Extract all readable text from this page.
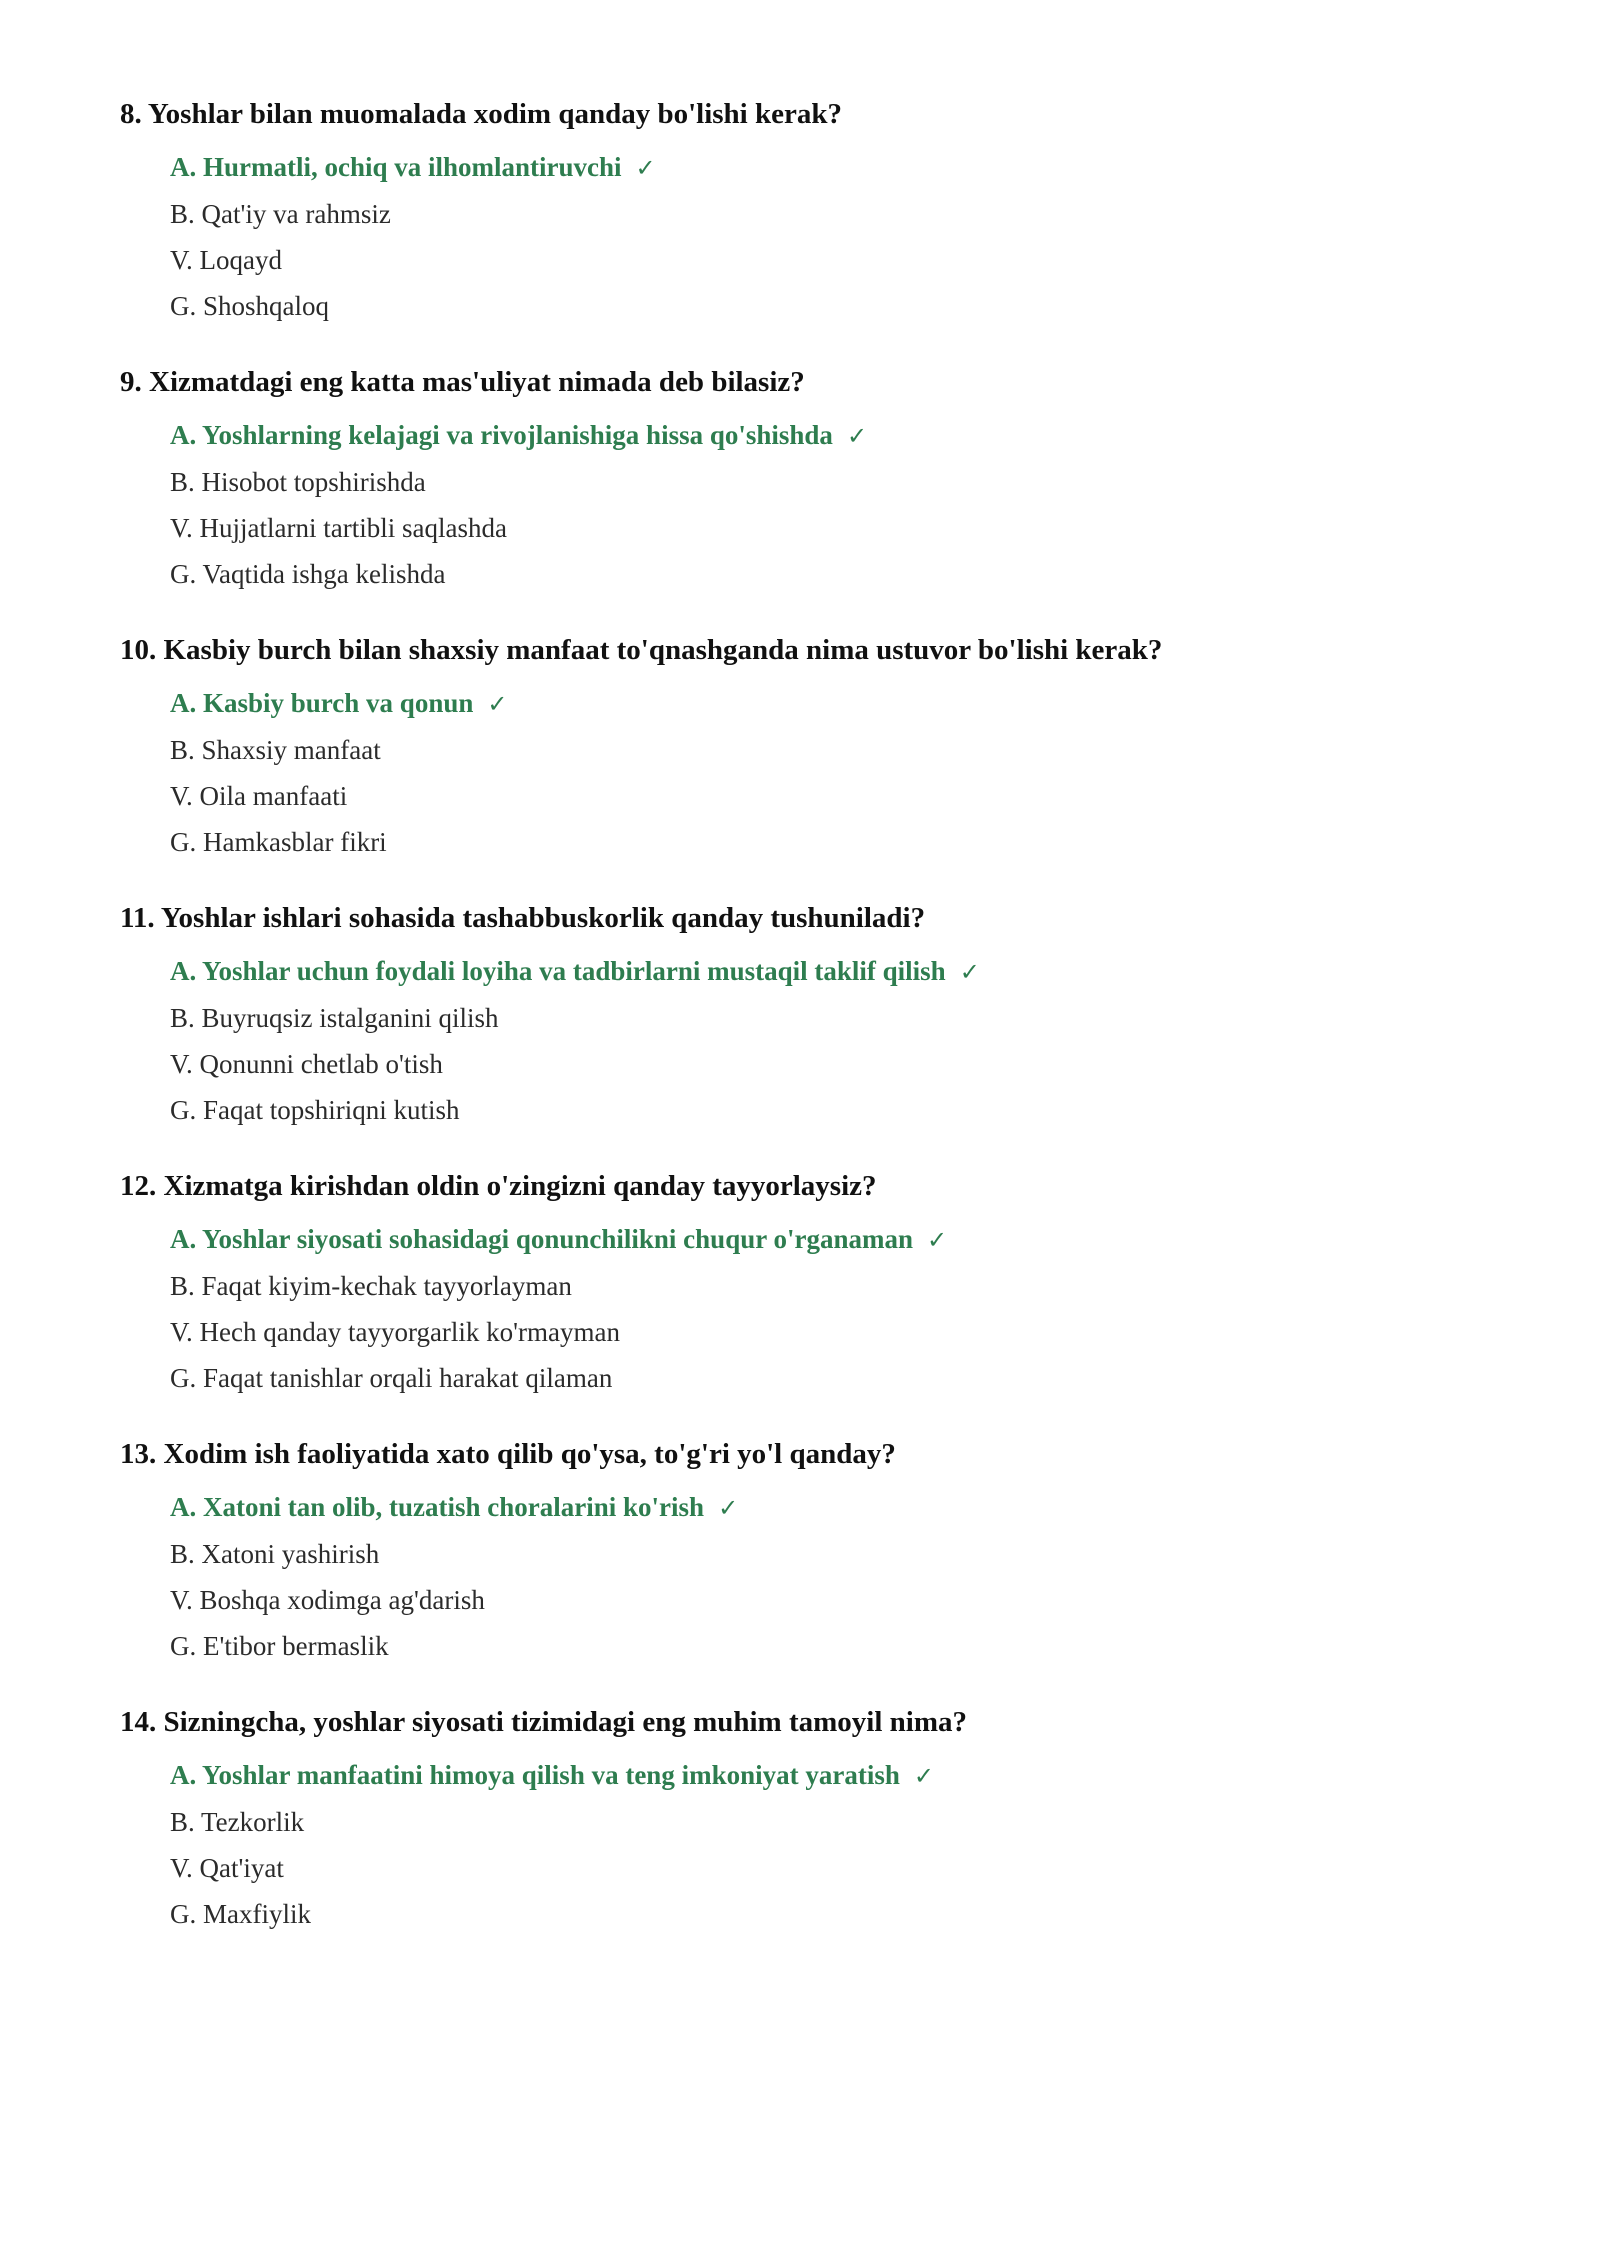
8. Yoshlar bilan muomalada xodim qanday bo'lishi kerak?
A. Hurmatli, ochiq va ilhomlantiruvchi ✓
B. Qat'iy va rahmsiz
V. Loqayd
G. Shoshqaloq
9. Xizmatdagi eng katta mas'uliyat nimada deb bilasiz?
A. Yoshlarning kelajagi va rivojlanishiga hissa qo'shishda ✓
B. Hisobot topshirishda
V. Hujjatlarni tartibli saqlashda
G. Vaqtida ishga kelishda
10. Kasbiy burch bilan shaxsiy manfaat to'qnashganda nima ustuvor bo'lishi kerak?
A. Kasbiy burch va qonun ✓
B. Shaxsiy manfaat
V. Oila manfaati
G. Hamkasblar fikri
11. Yoshlar ishlari sohasida tashabbuskorlik qanday tushuniladi?
A. Yoshlar uchun foydali loyiha va tadbirlarni mustaqil taklif qilish ✓
B. Buyruqsiz istalganini qilish
V. Qonunni chetlab o'tish
G. Faqat topshiriqni kutish
12. Xizmatga kirishdan oldin o'zingizni qanday tayyorlaysiz?
A. Yoshlar siyosati sohasidagi qonunchilikni chuqur o'rganaman ✓
B. Faqat kiyim-kechak tayyorlayman
V. Hech qanday tayyorgarlik ko'rmayman
G. Faqat tanishlar orqali harakat qilaman
13. Xodim ish faoliyatida xato qilib qo'ysa, to'g'ri yo'l qanday?
A. Xatoni tan olib, tuzatish choralarini ko'rish ✓
B. Xatoni yashirish
V. Boshqa xodimga ag'darish
G. E'tibor bermaslik
14. Sizningcha, yoshlar siyosati tizimidagi eng muhim tamoyil nima?
A. Yoshlar manfaatini himoya qilish va teng imkoniyat yaratish ✓
B. Tezkorlik
V. Qat'iyat
G. Maxfiylik
